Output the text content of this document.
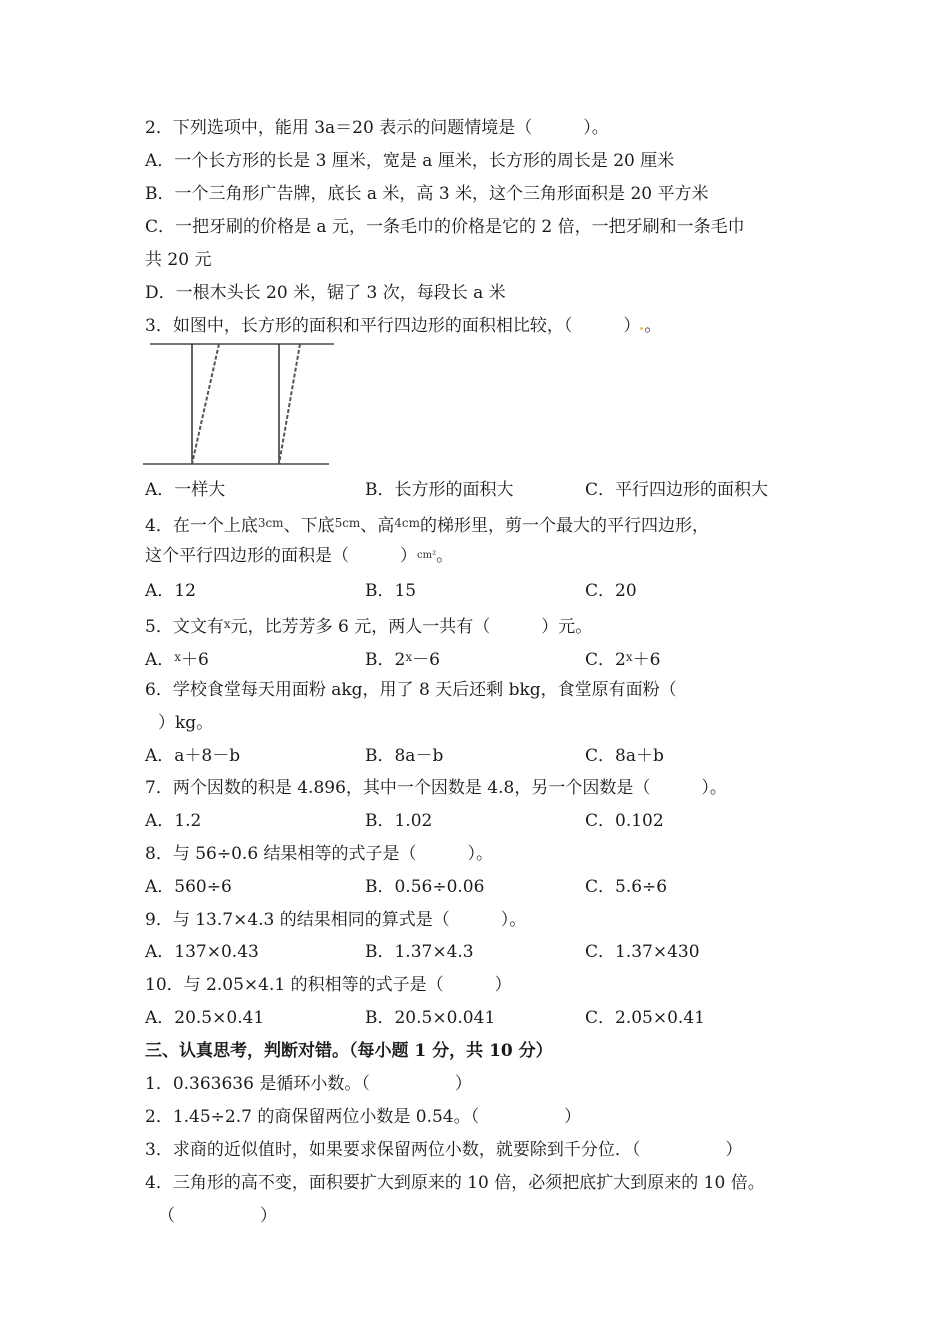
2．下列选项中，能用 3a＝20 表示的问题情境是（　　　）。
A．一个长方形的长是 3 厘米，宽是 a 厘米，长方形的周长是 20 厘米
B．一个三角形广告牌，底长 a 米，高 3 米，这个三角形面积是 20 平方米
C．一把牙刷的价格是 a 元，一条毛巾的价格是它的 2 倍，一把牙刷和一条毛巾
共 20 元
D．一根木头长 20 米，锯了 3 次，每段长 a 米
3．如图中，长方形的面积和平行四边形的面积相比较，（　　　） 。
A．一样大	B．长方形的面积大	C．平行四边形的面积大
4．在一个上底$^{3cm}$、下底$^{5cm}$、高$^{4cm}$的梯形里，剪一个最大的平行四边形，
这个平行四边形的面积是（　　　）cm²。
A．12	B．15	C．20
5．文文有$^x$元，比芳芳多 6 元，两人一共有（　　　）元。
A．$^x$＋6	B．$2^x-6$	C．$2^x+6$
6．学校食堂每天用面粉 akg，用了 8 天后还剩 bkg，食堂原有面粉（
）kg。
A．a＋8－b	B．8a－b	C．8a＋b
7．两个因数的积是 4.896，其中一个因数是 4.8，另一个因数是（　　　）。
A．1.2	B．1.02	C．0.102
8．与 56÷0.6 结果相等的式子是（　　　）。
A．560÷6	B．0.56÷0.06	C．5.6÷6
9．与 13.7×4.3 的结果相同的算式是（　　　）。
A．137×0.43	B．1.37×4.3	C．1.37×430
10．与 2.05×4.1 的积相等的式子是（　　　）
A．20.5×0.41	B．20.5×0.041	C．2.05×0.41
三、认真思考，判断对错。（每小题 1 分，共 10 分）
1．0.363636 是循环小数。（　　　　　）
2．1.45÷2.7 的商保留两位小数是 0.54。（　　　　　）
3．求商的近似值时，如果要求保留两位小数，就要除到千分位．（　　　　　）
4．三角形的高不变，面积要扩大到原来的 10 倍，必须把底扩大到原来的 10 倍。
（　　　　　）
